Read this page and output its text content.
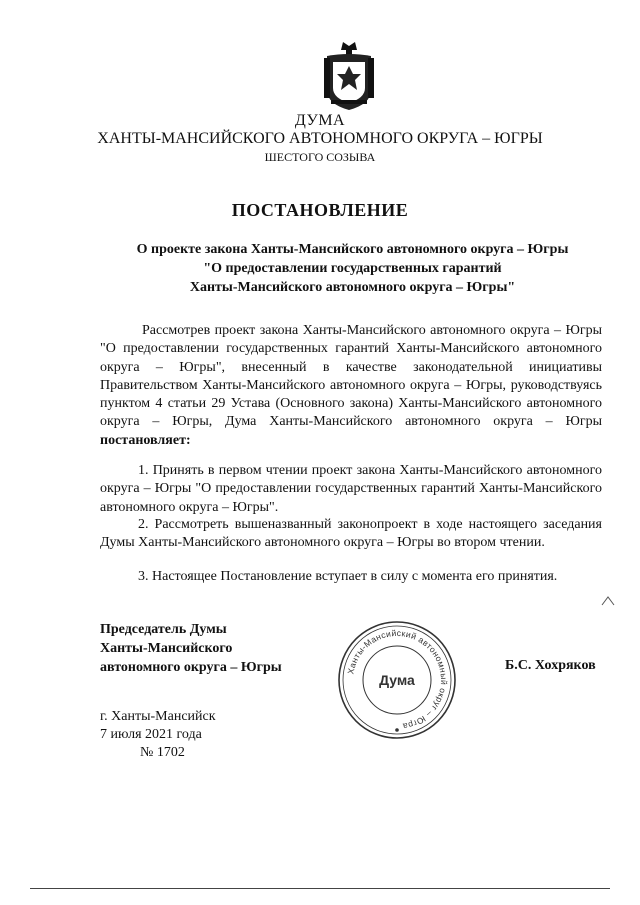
ДУМА
ХАНТЫ-МАНСИЙСКОГО АВТОНОМНОГО ОКРУГА – ЮГРЫ
ШЕСТОГО СОЗЫВА
ПОСТАНОВЛЕНИЕ
О проекте закона Ханты-Мансийского автономного округа – Югры
"О предоставлении государственных гарантий
Ханты-Мансийского автономного округа – Югры"
Рассмотрев проект закона Ханты-Мансийского автономного округа – Югры "О предоставлении государственных гарантий Ханты-Мансийского автономного округа – Югры", внесенный в качестве законодательной инициативы Правительством Ханты-Мансийского автономного округа – Югры, руководствуясь пунктом 4 статьи 29 Устава (Основного закона) Ханты-Мансийского автономного округа – Югры, Дума Ханты-Мансийского автономного округа – Югры постановляет:
1. Принять в первом чтении проект закона Ханты-Мансийского автономного округа – Югры "О предоставлении государственных гарантий Ханты-Мансийского автономного округа – Югры".
2. Рассмотреть вышеназванный законопроект в ходе настоящего заседания Думы Ханты-Мансийского автономного округа – Югры во втором чтении.
3. Настоящее Постановление вступает в силу с момента его принятия.
Председатель Думы
Ханты-Мансийского
автономного округа – Югры	Ханты-Мансийский автономный округ – Югра
Дума
Б.С. Хохряков
г. Ханты-Мансийск
7 июля 2021 года
№ 1702
